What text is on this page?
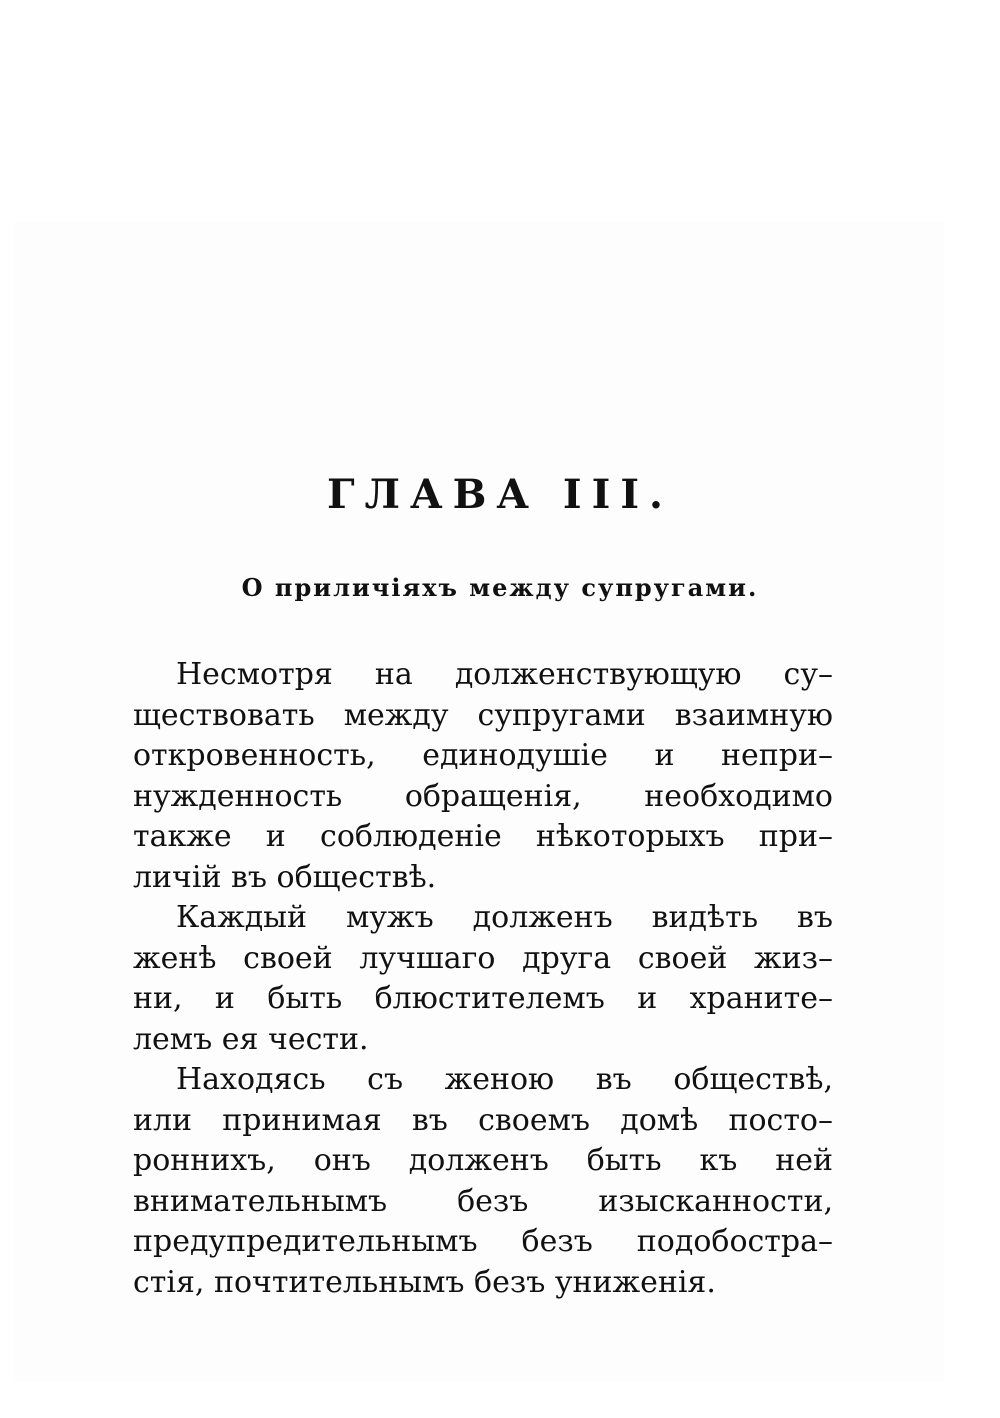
ГЛАВА III.
О приличiяхъ между супругами.
Несмотря на долженствующую су–
ществовать между супругами взаимную
откровенность, единодушiе и непри–
нужденность обращенiя, необходимо
также и соблюденiе нѣкоторыхъ при–
личiй въ обществѣ.
Каждый мужъ долженъ видѣть въ
женѣ своей лучшаго друга своей жиз–
ни, и быть блюстителемъ и хранитe–
лемъ ея чести.
Находясь съ женою въ обществѣ,
или принимая въ своемъ домѣ посто–
роннихъ, онъ долженъ быть къ ней
внимательнымъ безъ изысканности,
предупредительнымъ безъ подобостра–
стiя, почтительнымъ безъ униженiя.
